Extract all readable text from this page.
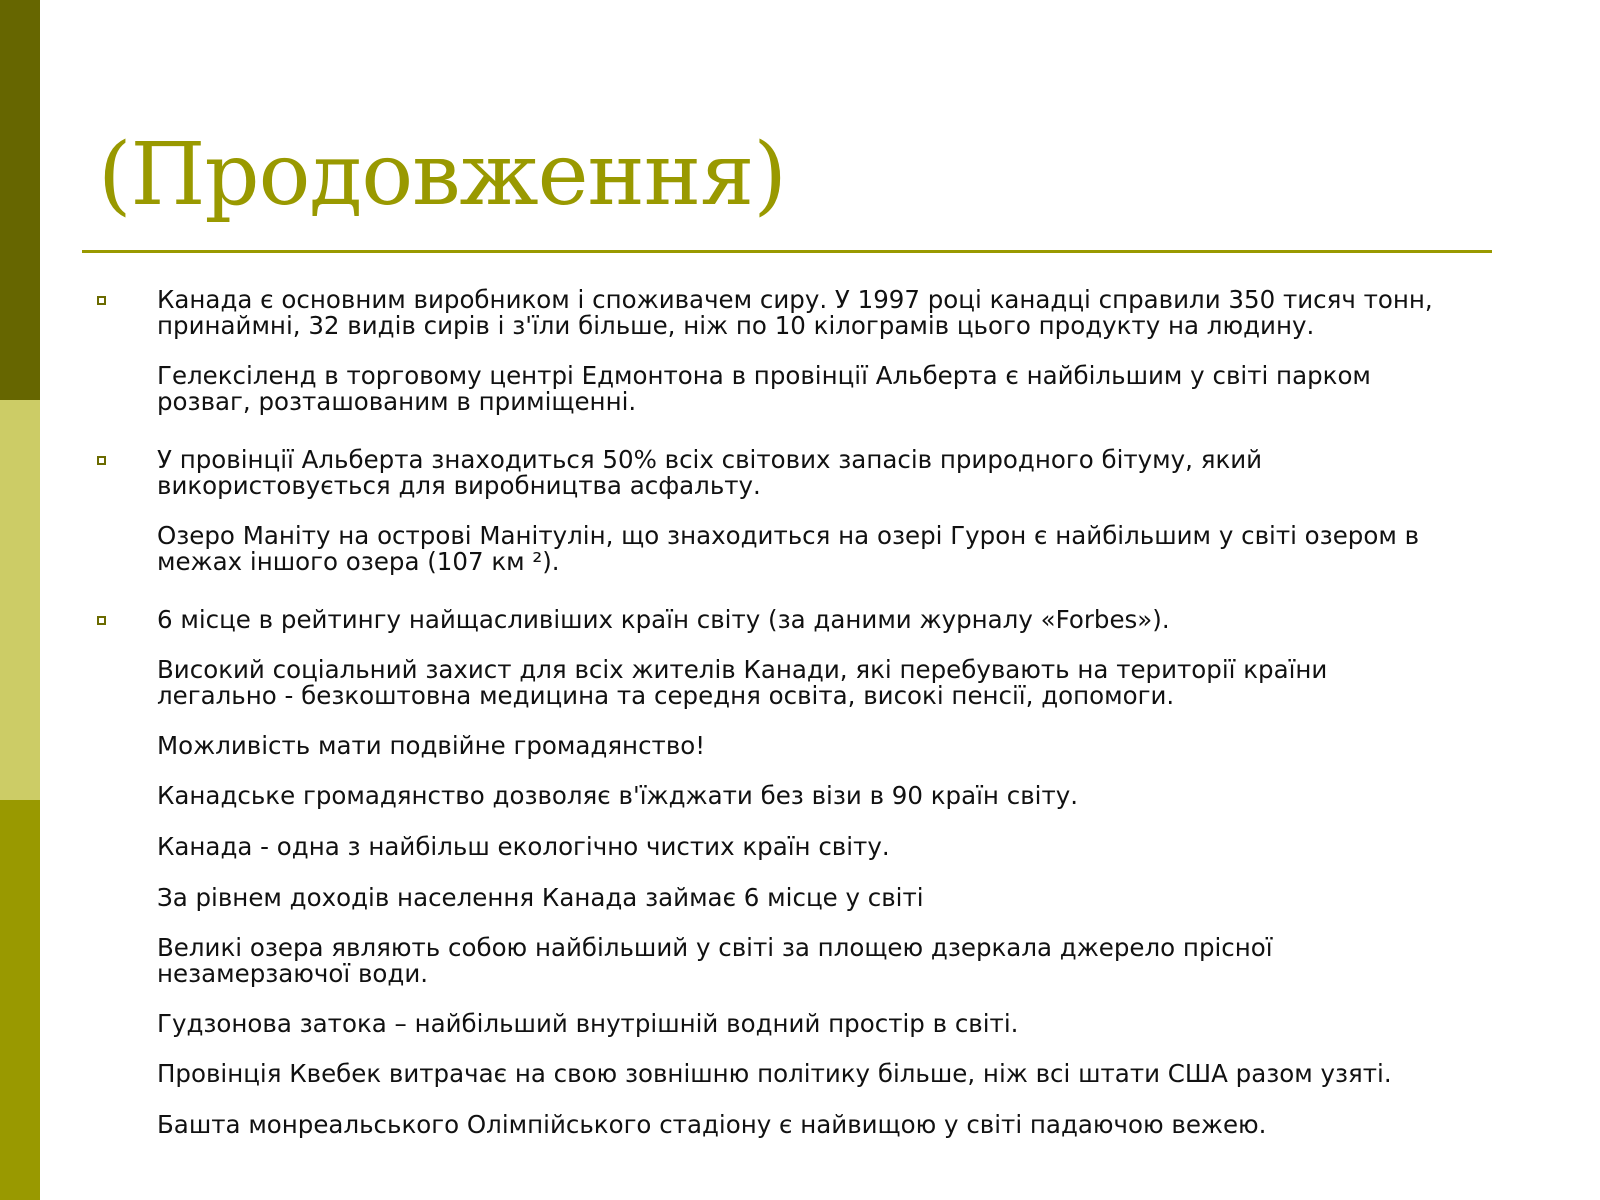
(Продовження)

Канада є основним виробником і споживачем сиру. У 1997 році канадці справили 350 тисяч тонн, принаймні, 32 видів сирів і з'їли більше, ніж по 10 кілограмів цього продукту на людину.

Гелексіленд в торговому центрі Едмонтона в провінції Альберта є найбільшим у світі парком розваг, розташованим в приміщенні.

У провінції Альберта знаходиться 50% всіх світових запасів природного бітуму, який використовується для виробництва асфальту.

Озеро Маніту на острові Манітулін, що знаходиться на озері Гурон є найбільшим у світі озером в межах іншого озера (107 км ²).

6 місце в рейтингу найщасливіших країн світу (за даними журналу «Forbes»).

Високий соціальний захист для всіх жителів Канади, які перебувають на території країни легально - безкоштовна медицина та середня освіта, високі пенсії, допомоги.

Можливість мати подвійне громадянство!

Канадське громадянство дозволяє в'їжджати без візи в 90 країн світу.

Канада - одна з найбільш екологічно чистих країн світу.

За рівнем доходів населення Канада займає 6 місце у світі

Великі озера являють собою найбільший у світі за площею дзеркала джерело прісної незамерзаючої води.

Гудзонова затока – найбільший внутрішній водний простір в світі.

Провінція Квебек витрачає на свою зовнішню політику більше, ніж всі штати США разом узяті.

Башта монреальського Олімпійського стадіону є найвищою у світі падаючою вежею.
